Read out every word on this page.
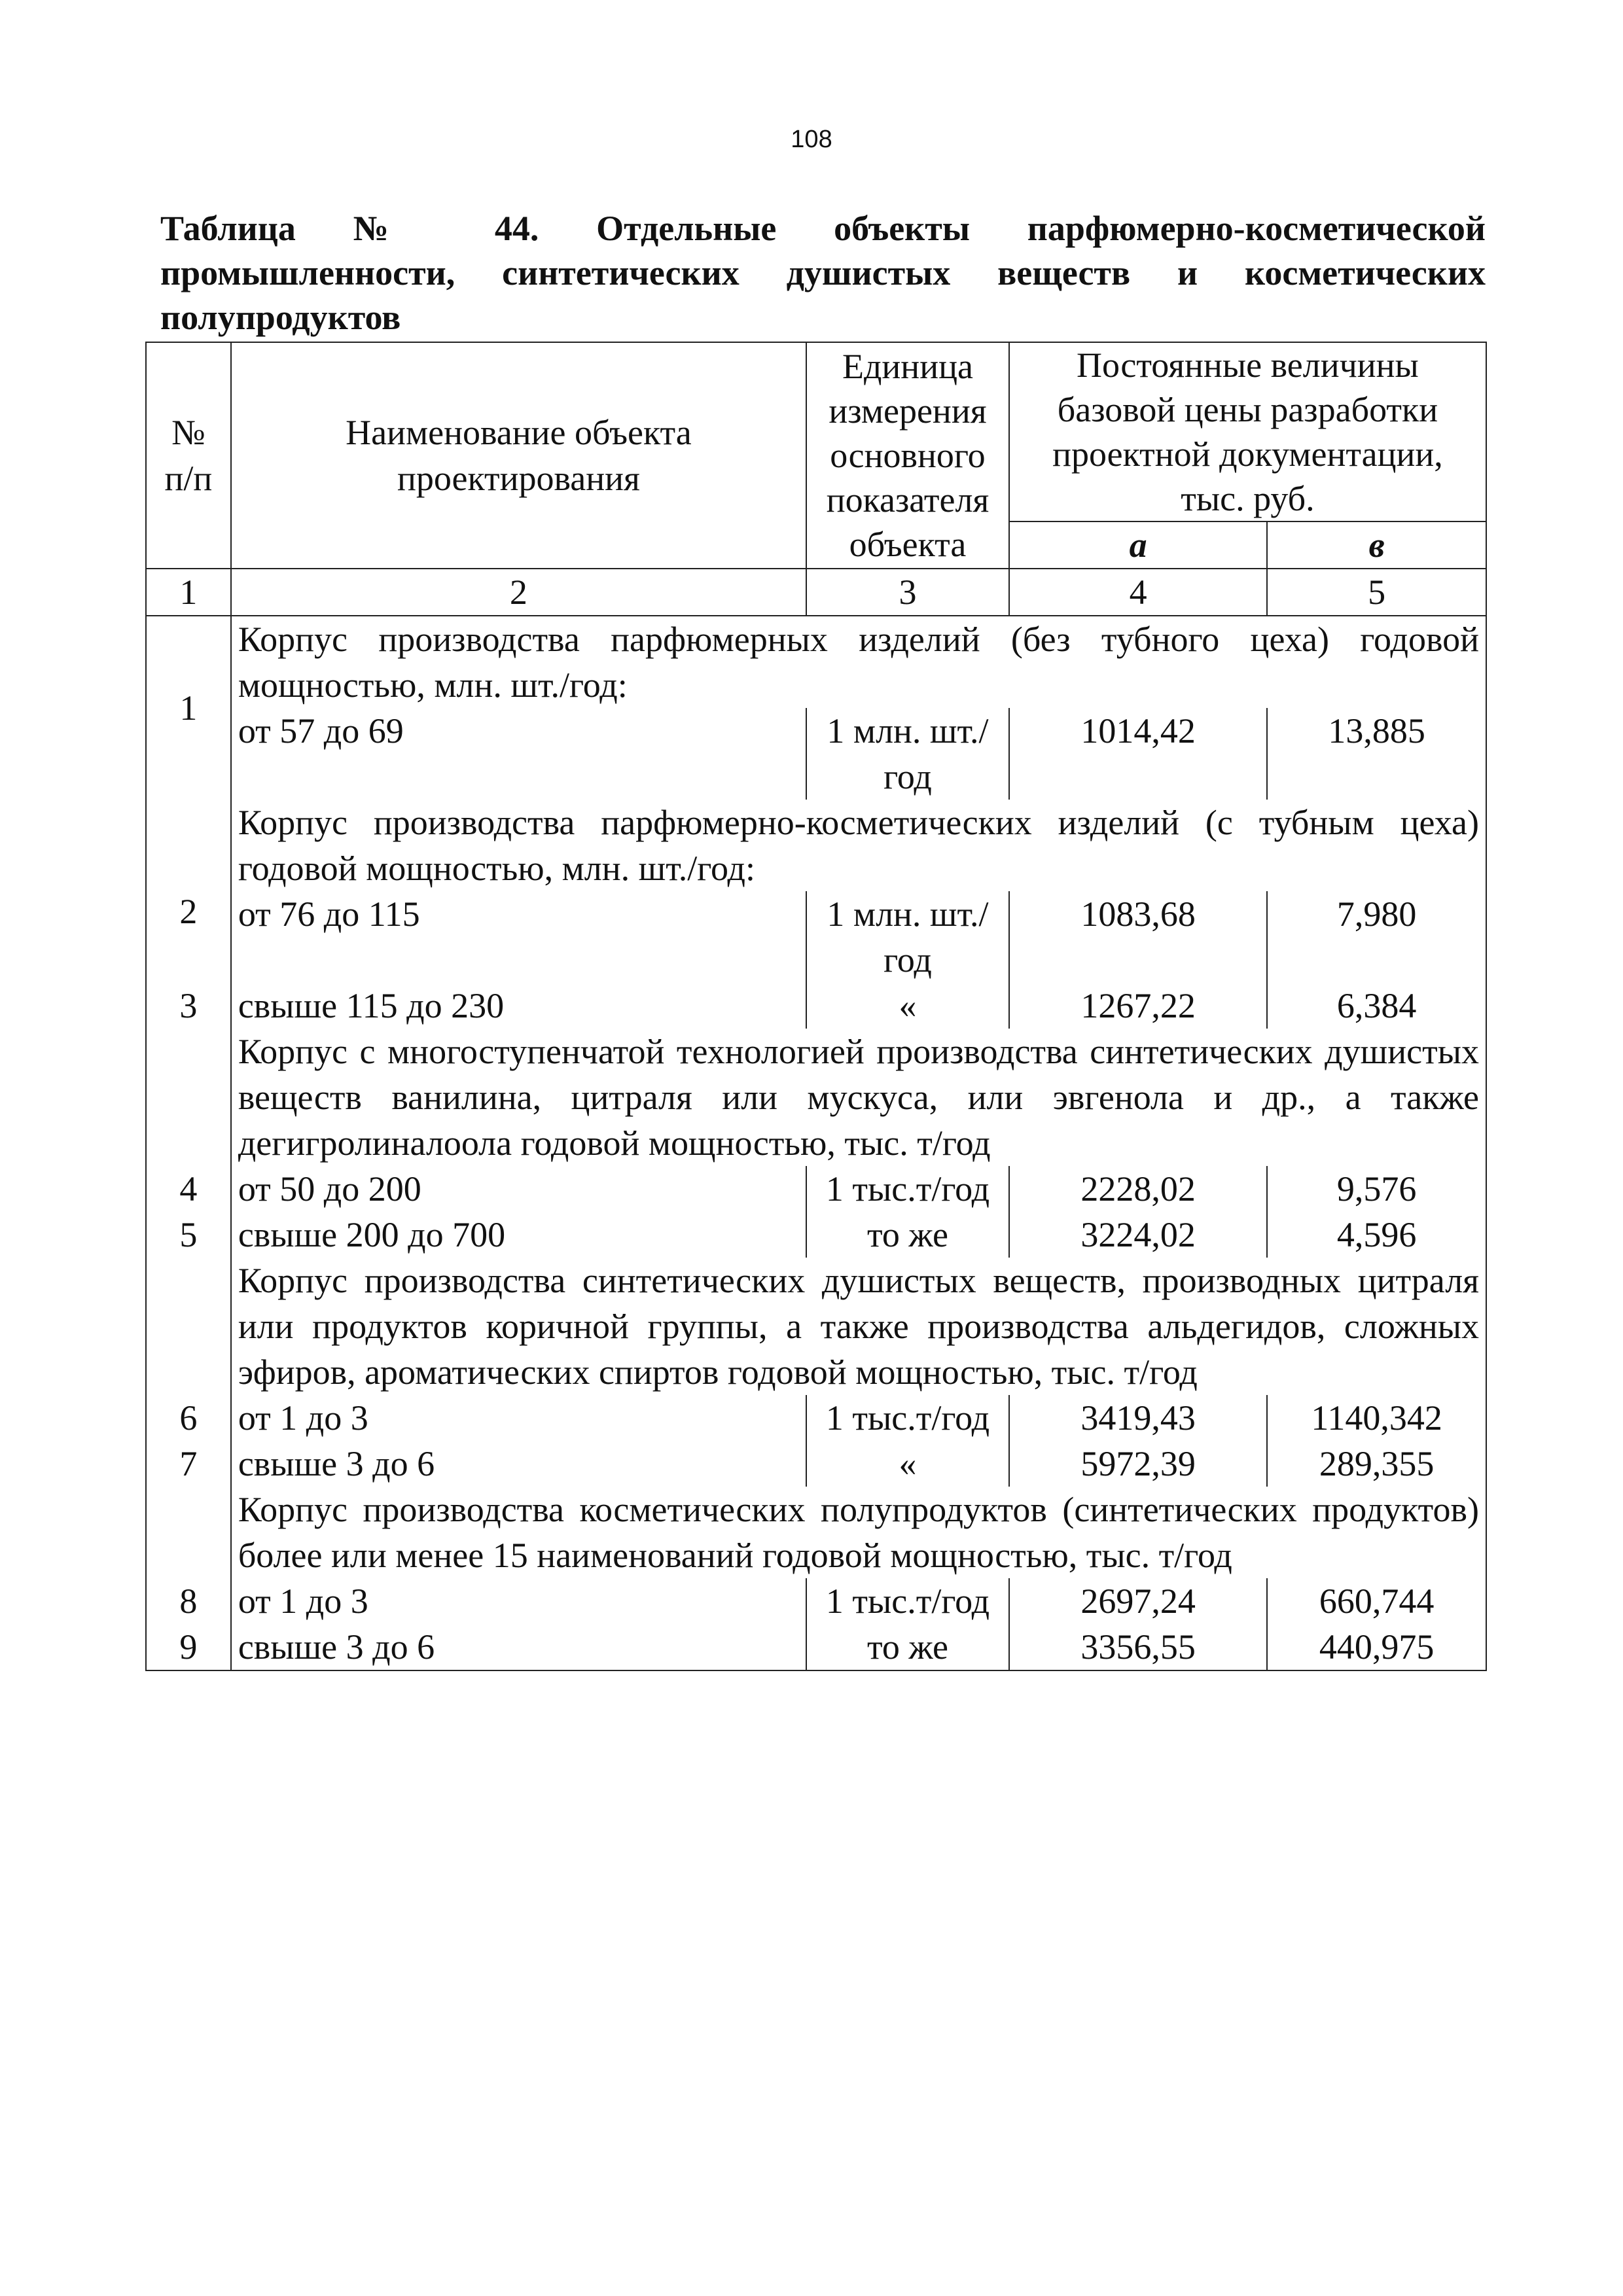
108
Таблица № 44. Отдельные объекты парфюмерно-косметической промышленности, синтетических душистых веществ и косметических полупродуктов
№ п/п	Наименование объекта проектирования	Единица измерения основного показателя объекта	Постоянные величины базовой цены разработки проектной документации, тыс. руб.	
			а	в
1	2	3	4	5
1	Корпус производства парфюмерных изделий (без тубного цеха) годовой мощностью, млн. шт./год:			
	от 57 до 69	1 млн. шт./год	1014,42	13,885
2	Корпус производства парфюмерно-косметических изделий (с тубным цеха) годовой мощностью, млн. шт./год:			
	от 76 до 115	1 млн. шт./год	1083,68	7,980
3	свыше 115 до 230	«	1267,22	6,384
	Корпус с многоступенчатой технологией производства синтетических душистых веществ ванилина, цитраля или мускуса, или эвгенола и др., а также дегигролиналоола годовой мощностью, тыс. т/год			
4	от 50 до 200	1 тыс.т/год	2228,02	9,576
5	свыше 200 до 700	то же	3224,02	4,596
	Корпус производства синтетических душистых веществ, производных цитраля или продуктов коричной группы, а также производства альдегидов, сложных эфиров, ароматических спиртов годовой мощностью, тыс. т/год			
6	от 1 до 3	1 тыс.т/год	3419,43	1140,342
7	свыше 3 до 6	«	5972,39	289,355
	Корпус производства косметических полупродуктов (синтетических продуктов) более или менее 15 наименований годовой мощностью, тыс. т/год			
8	от 1 до 3	1 тыс.т/год	2697,24	660,744
9	свыше 3 до 6	то же	3356,55	440,975
